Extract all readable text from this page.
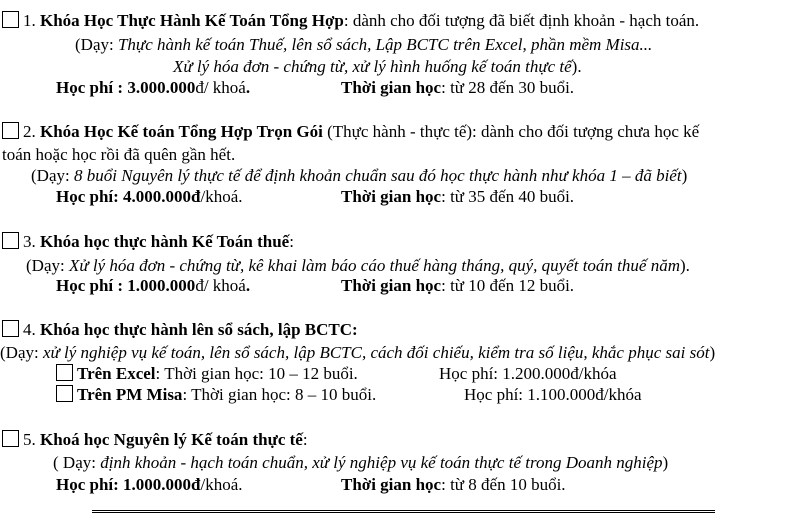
1. Khóa Học Thực Hành Kế Toán Tổng Hợp: dành cho đối tượng đã biết định khoản - hạch toán.
(Dạy: Thực hành kế toán Thuế, lên sổ sách, Lập BCTC trên Excel, phần mềm Misa...
Xử lý hóa đơn - chứng từ, xử lý hình huống kế toán thực tế).
Học phí : 3.000.000đ/ khoá.	Thời gian học: từ 28 đến 30 buổi.
2. Khóa Học Kế toán Tổng Hợp Trọn Gói (Thực hành - thực tế): dành cho đối tượng chưa học kế
toán hoặc học rồi đã quên gần hết.
(Dạy: 8 buổi Nguyên lý thực tế để định khoản chuẩn sau đó học thực hành như khóa 1 – đã biết)
Học phí: 4.000.000đ/khoá.	Thời gian học: từ 35 đến 40 buổi.
3. Khóa học thực hành Kế Toán thuế:
(Dạy: Xử lý hóa đơn - chứng từ, kê khai làm báo cáo thuế hàng tháng, quý, quyết toán thuế năm).
Học phí : 1.000.000đ/ khoá.	Thời gian học: từ 10 đến 12 buổi.
4. Khóa học thực hành lên sổ sách, lập BCTC:
(Dạy: xử lý nghiệp vụ kế toán, lên sổ sách, lập BCTC, cách đối chiếu, kiểm tra số liệu, khắc phục sai sót)
Trên Excel: Thời gian học: 10 – 12 buổi.	Học phí: 1.200.000đ/khóa
Trên PM Misa: Thời gian học: 8 – 10 buổi.	Học phí: 1.100.000đ/khóa
5. Khoá học Nguyên lý Kế toán thực tế:
( Dạy: định khoản - hạch toán chuẩn, xử lý nghiệp vụ kế toán thực tế trong Doanh nghiệp)
Học phí: 1.000.000đ/khoá.	Thời gian học: từ 8 đến 10 buổi.
